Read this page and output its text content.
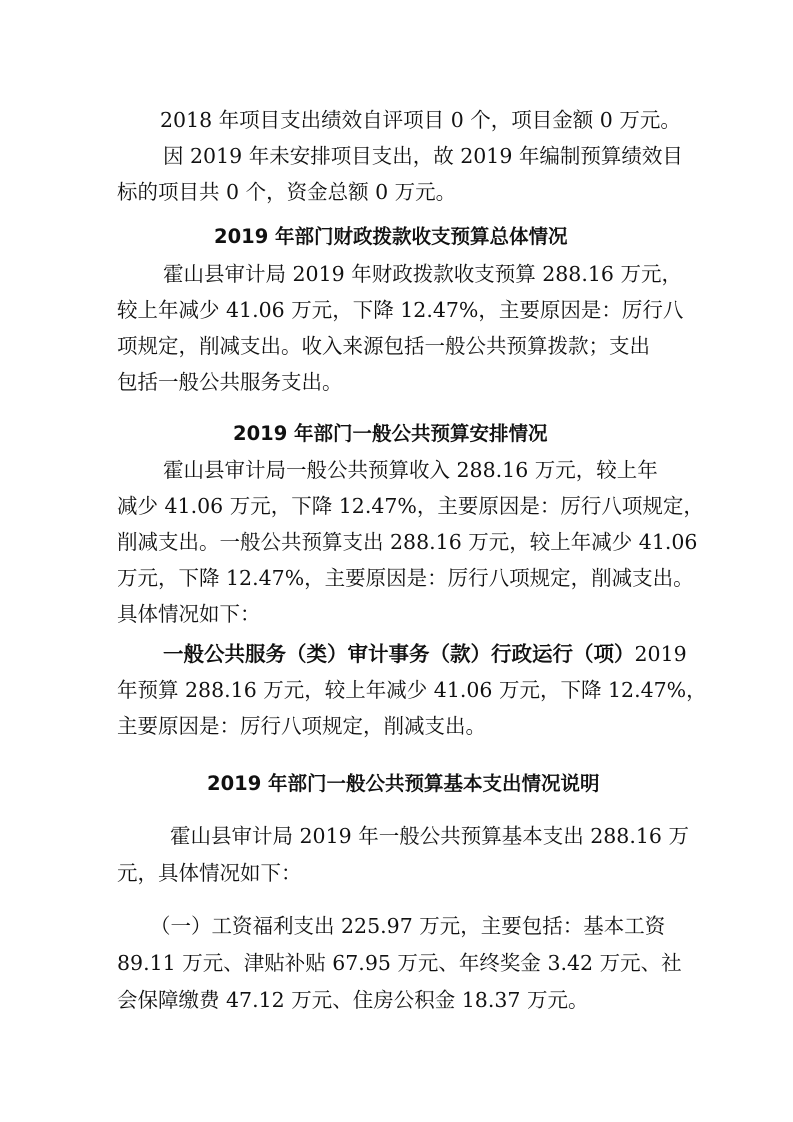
2018 年项目支出绩效自评项目 0 个，项目金额 0 万元。
因 2019 年未安排项目支出，故 2019 年编制预算绩效目
标的项目共 0 个，资金总额 0 万元。
2019 年部门财政拨款收支预算总体情况
霍山县审计局 2019 年财政拨款收支预算 288.16 万元，
较上年减少 41.06 万元，下降 12.47%，主要原因是：厉行八
项规定，削减支出。收入来源包括一般公共预算拨款；支出
包括一般公共服务支出。
2019 年部门一般公共预算安排情况
霍山县审计局一般公共预算收入 288.16 万元，较上年
减少 41.06 万元，下降 12.47%，主要原因是：厉行八项规定，
削减支出。一般公共预算支出 288.16 万元，较上年减少 41.06
万元，下降 12.47%，主要原因是：厉行八项规定，削减支出。
具体情况如下：
一般公共服务（类）审计事务（款）行政运行（项）2019
年预算 288.16 万元，较上年减少 41.06 万元，下降 12.47%，
主要原因是：厉行八项规定，削减支出。
2019 年部门一般公共预算基本支出情况说明
霍山县审计局 2019 年一般公共预算基本支出 288.16 万
元，具体情况如下：
（一）工资福利支出 225.97 万元，主要包括：基本工资
89.11 万元、津贴补贴 67.95 万元、年终奖金 3.42 万元、社
会保障缴费 47.12 万元、住房公积金 18.37 万元。
